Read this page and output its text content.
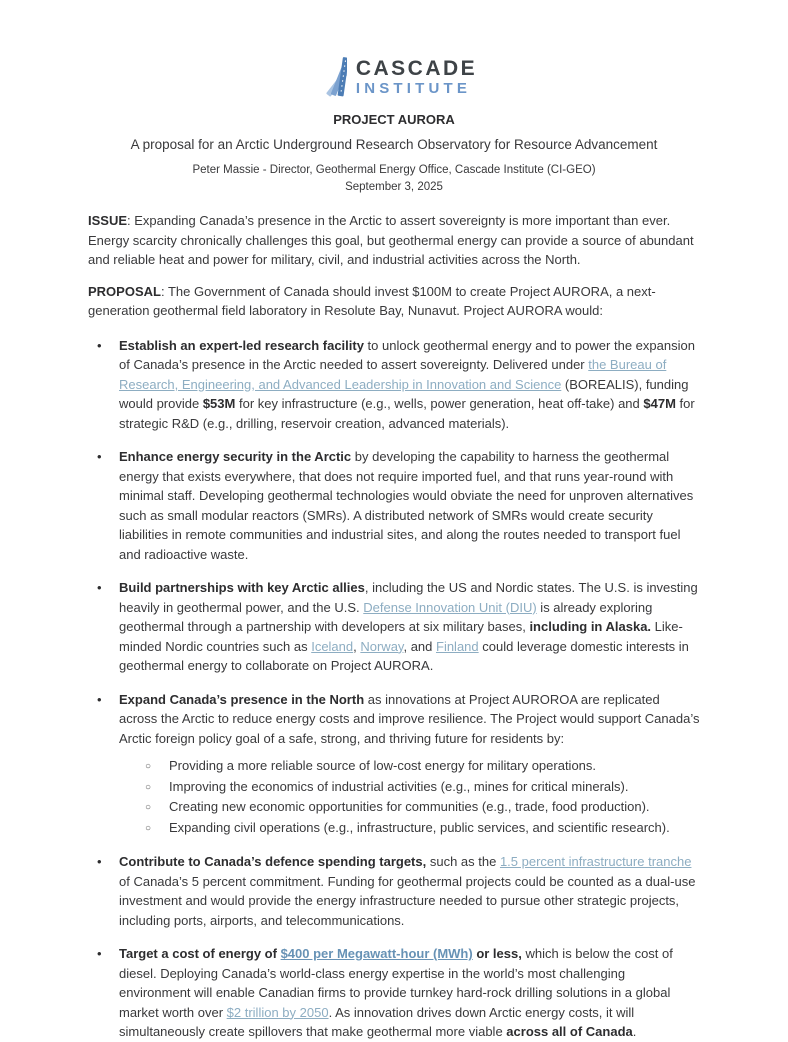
CASCADE
INSTITUTE
PROJECT AURORA

A proposal for an Arctic Underground Research Observatory for Resource Advancement

Peter Massie - Director, Geothermal Energy Office, Cascade Institute (CI-GEO)

September 3, 2025

ISSUE: Expanding Canada’s presence in the Arctic to assert sovereignty is more important than ever. Energy scarcity chronically challenges this goal, but geothermal energy can provide a source of abundant and reliable heat and power for military, civil, and industrial activities across the North.

PROPOSAL: The Government of Canada should invest $100M to create Project AURORA, a next-generation geothermal field laboratory in Resolute Bay, Nunavut. Project AURORA would:

•	Establish an expert-led research facility to unlock geothermal energy and to power the expansion of Canada’s presence in the Arctic needed to assert sovereignty. Delivered under the Bureau of Research, Engineering, and Advanced Leadership in Innovation and Science (BOREALIS), funding would provide $53M for key infrastructure (e.g., wells, power generation, heat off-take) and $47M for strategic R&D (e.g., drilling, reservoir creation, advanced materials).
•	Enhance energy security in the Arctic by developing the capability to harness the geothermal energy that exists everywhere, that does not require imported fuel, and that runs year-round with minimal staff. Developing geothermal technologies would obviate the need for unproven alternatives such as small modular reactors (SMRs). A distributed network of SMRs would create security liabilities in remote communities and industrial sites, and along the routes needed to transport fuel and radioactive waste.
•	Build partnerships with key Arctic allies, including the US and Nordic states. The U.S. is investing heavily in geothermal power, and the U.S. Defense Innovation Unit (DIU) is already exploring geothermal through a partnership with developers at six military bases, including in Alaska. Like-minded Nordic countries such as Iceland, Norway, and Finland could leverage domestic interests in geothermal energy to collaborate on Project AURORA.
•	Expand Canada’s presence in the North as innovations at Project AUROROA are replicated across the Arctic to reduce energy costs and improve resilience. The Project would support Canada’s Arctic foreign policy goal of a safe, strong, and thriving future for residents by:
○	Providing a more reliable source of low-cost energy for military operations.
○	Improving the economics of industrial activities (e.g., mines for critical minerals).
○	Creating new economic opportunities for communities (e.g., trade, food production).
○	Expanding civil operations (e.g., infrastructure, public services, and scientific research).
•	Contribute to Canada’s defence spending targets, such as the 1.5 percent infrastructure tranche of Canada’s 5 percent commitment. Funding for geothermal projects could be counted as a dual-use investment and would provide the energy infrastructure needed to pursue other strategic projects, including ports, airports, and telecommunications.
•	Target a cost of energy of $400 per Megawatt-hour (MWh) or less, which is below the cost of diesel. Deploying Canada’s world-class energy expertise in the world’s most challenging environment will enable Canadian firms to provide turnkey hard-rock drilling solutions in a global market worth over $2 trillion by 2050. As innovation drives down Arctic energy costs, it will simultaneously create spillovers that make geothermal more viable across all of Canada.
